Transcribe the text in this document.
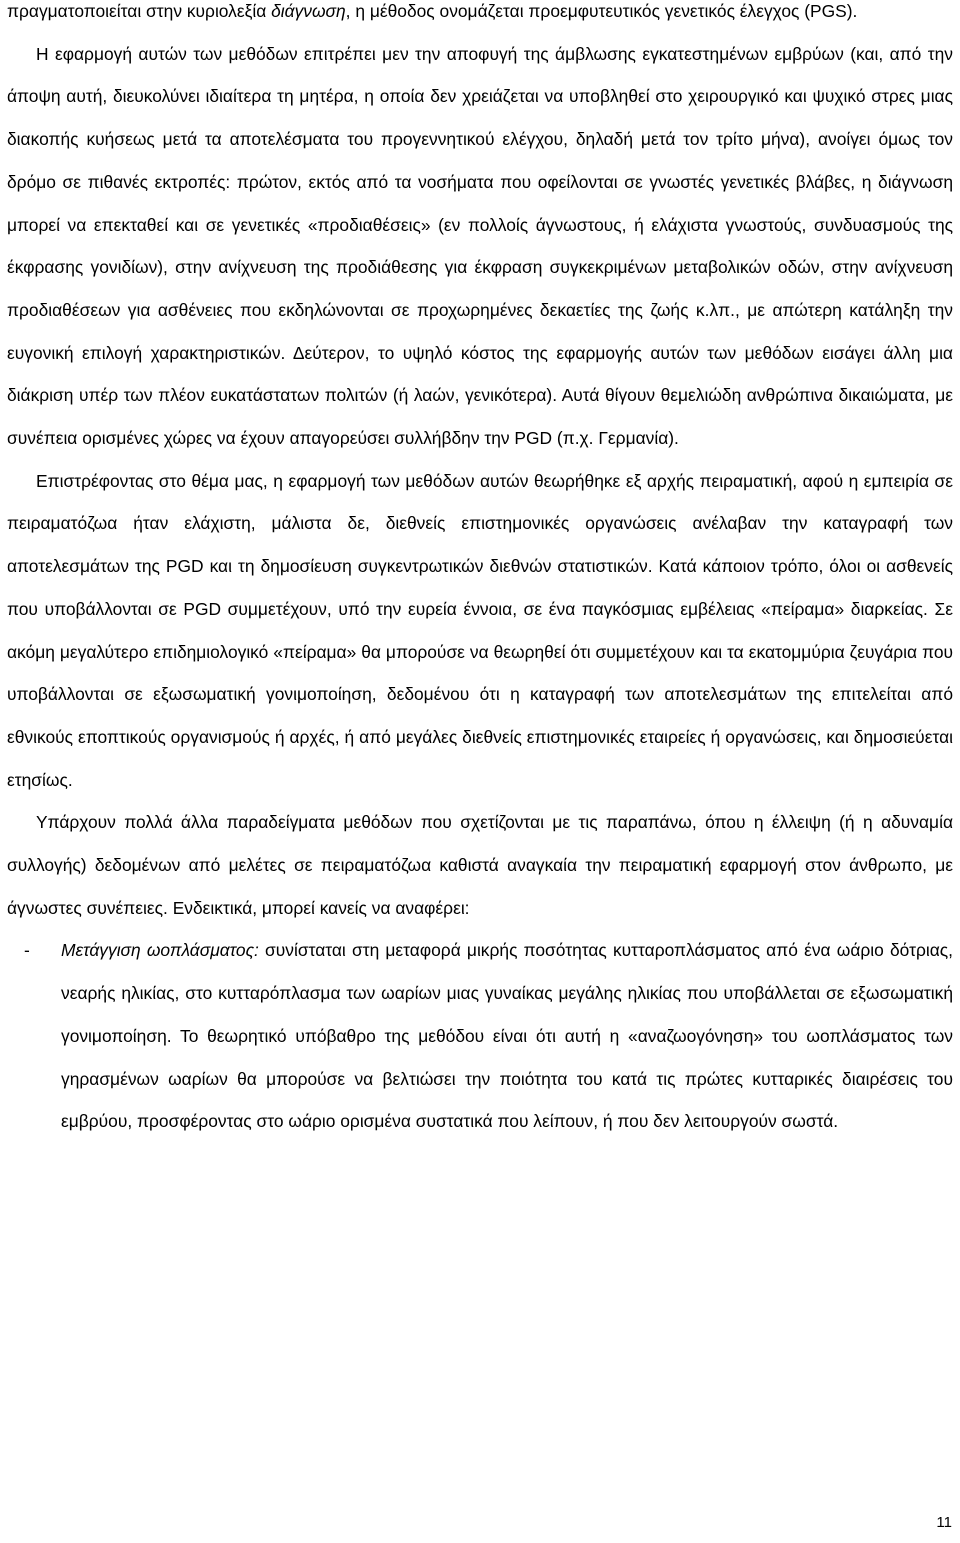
πραγματοποιείται στην κυριολεξία διάγνωση, η μέθοδος ονομάζεται προεμφυτευτικός γενετικός έλεγχος (PGS).

Η εφαρμογή αυτών των μεθόδων επιτρέπει μεν την αποφυγή της άμβλωσης εγκατεστημένων εμβρύων (και, από την άποψη αυτή, διευκολύνει ιδιαίτερα τη μητέρα, η οποία δεν χρειάζεται να υποβληθεί στο χειρουργικό και ψυχικό στρες μιας διακοπής κυήσεως μετά τα αποτελέσματα του προγεννητικού ελέγχου, δηλαδή μετά τον τρίτο μήνα), ανοίγει όμως τον δρόμο σε πιθανές εκτροπές: πρώτον, εκτός από τα νοσήματα που οφείλονται σε γνωστές γενετικές βλάβες, η διάγνωση μπορεί να επεκταθεί και σε γενετικές «προδιαθέσεις» (εν πολλοίς άγνωστους, ή ελάχιστα γνωστούς, συνδυασμούς της έκφρασης γονιδίων), στην ανίχνευση της προδιάθεσης για έκφραση συγκεκριμένων μεταβολικών οδών, στην ανίχνευση προδιαθέσεων για ασθένειες που εκδηλώνονται σε προχωρημένες δεκαετίες της ζωής κ.λπ., με απώτερη κατάληξη την ευγονική επιλογή χαρακτηριστικών. Δεύτερον, το υψηλό κόστος της εφαρμογής αυτών των μεθόδων εισάγει άλλη μια διάκριση υπέρ των πλέον ευκατάστατων πολιτών (ή λαών, γενικότερα). Αυτά θίγουν θεμελιώδη ανθρώπινα δικαιώματα, με συνέπεια ορισμένες χώρες να έχουν απαγορεύσει συλλήβδην την PGD (π.χ. Γερμανία).

Επιστρέφοντας στο θέμα μας, η εφαρμογή των μεθόδων αυτών θεωρήθηκε εξ αρχής πειραματική, αφού η εμπειρία σε πειραματόζωα ήταν ελάχιστη, μάλιστα δε, διεθνείς επιστημονικές οργανώσεις ανέλαβαν την καταγραφή των αποτελεσμάτων της PGD και τη δημοσίευση συγκεντρωτικών διεθνών στατιστικών. Κατά κάποιον τρόπο, όλοι οι ασθενείς που υποβάλλονται σε PGD συμμετέχουν, υπό την ευρεία έννοια, σε ένα παγκόσμιας εμβέλειας «πείραμα» διαρκείας. Σε ακόμη μεγαλύτερο επιδημιολογικό «πείραμα» θα μπορούσε να θεωρηθεί ότι συμμετέχουν και τα εκατομμύρια ζευγάρια που υποβάλλονται σε εξωσωματική γονιμοποίηση, δεδομένου ότι η καταγραφή των αποτελεσμάτων της επιτελείται από εθνικούς εποπτικούς οργανισμούς ή αρχές, ή από μεγάλες διεθνείς επιστημονικές εταιρείες ή οργανώσεις, και δημοσιεύεται ετησίως.

Υπάρχουν πολλά άλλα παραδείγματα μεθόδων που σχετίζονται με τις παραπάνω, όπου η έλλειψη (ή η αδυναμία συλλογής) δεδομένων από μελέτες σε πειραματόζωα καθιστά αναγκαία την πειραματική εφαρμογή στον άνθρωπο, με άγνωστες συνέπειες. Ενδεικτικά, μπορεί κανείς να αναφέρει:

- Μετάγγιση ωοπλάσματος: συνίσταται στη μεταφορά μικρής ποσότητας κυτταροπλάσματος από ένα ωάριο δότριας, νεαρής ηλικίας, στο κυτταρόπλασμα των ωαρίων μιας γυναίκας μεγάλης ηλικίας που υποβάλλεται σε εξωσωματική γονιμοποίηση. Το θεωρητικό υπόβαθρο της μεθόδου είναι ότι αυτή η «αναζωογόνηση» του ωοπλάσματος των γηρασμένων ωαρίων θα μπορούσε να βελτιώσει την ποιότητα του κατά τις πρώτες κυτταρικές διαιρέσεις του εμβρύου, προσφέροντας στο ωάριο ορισμένα συστατικά που λείπουν, ή που δεν λειτουργούν σωστά.

11
